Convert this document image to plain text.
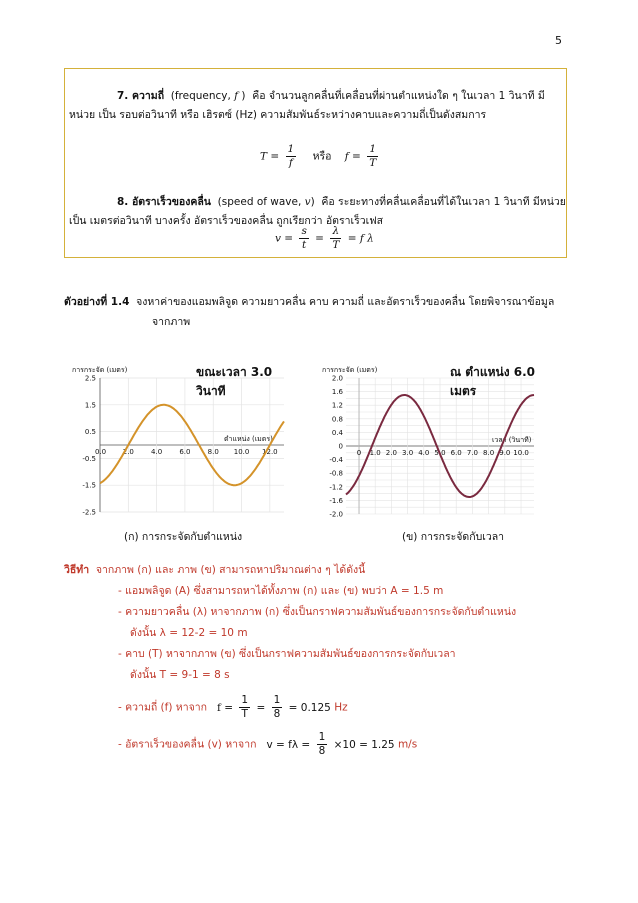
5
7. ความถี่ (frequency, f ) คือ จำนวนลูกคลื่นที่เคลื่อนที่ผ่านตำแหน่งใด ๆ ในเวลา 1 วินาที มี
หน่วย เป็น รอบต่อวินาที หรือ เฮิรตซ์ (Hz) ความสัมพันธ์ระหว่างคาบและความถี่เป็นดังสมการ
$T = \frac{1}{f}$ หรือ $f = \frac{1}{T}$
8. อัตราเร็วของคลื่น (speed of wave, v) คือ ระยะทางที่คลื่นเคลื่อนที่ได้ในเวลา 1 วินาที มีหน่วย
เป็น เมตรต่อวินาที บางครั้ง อัตราเร็วของคลื่น ถูกเรียกว่า อัตราเร็วเฟส
$v = \frac{s}{t} = \frac{\lambda}{T} = f$ λ
ตัวอย่างที่ 1.4 จงหาค่าของแอมพลิจูด ความยาวคลื่น คาบ ความถี่ และอัตราเร็วของคลื่น โดยพิจารณาข้อมูล
จากภาพ
การกระจัด (เมตร)
2.5
1.5
0.5
-0.5
-1.5
-2.5
0.0 2.0 4.0 6.0 8.0 10.0 12.0
ตำแหน่ง (เมตร)
ขณะเวลา 3.0 วินาที
(ก) การกระจัดกับตำแหน่ง
การกระจัด (เมตร)
2.0
1.6
1.2
0.8
0.4
0
-0.4
-0.8
-1.2
-1.6
-2.0
0 1.0 2.0 3.0 4.0 5.0 6.0 7.0 8.0 9.0 10.0
เวลา (วินาที)
ณ ตำแหน่ง 6.0 เมตร
(ข) การกระจัดกับเวลา
วิธีทำ จากภาพ (ก) และ ภาพ (ข) สามารถหาปริมาณต่าง ๆ ได้ดังนี้
- แอมพลิจูด (A) ซึ่งสามารถหาได้ทั้งภาพ (ก) และ (ข) พบว่า A = 1.5 m
- ความยาวคลื่น (λ) หาจากภาพ (ก) ซึ่งเป็นกราฟความสัมพันธ์ของการกระจัดกับตำแหน่ง
ดังนั้น λ = 12-2 = 10 m
- คาบ (T) หาจากภาพ (ข) ซึ่งเป็นกราฟความสัมพันธ์ของการกระจัดกับเวลา
ดังนั้น T = 9-1 = 8 s
- ความถี่ (f) หาจาก $f = \frac{1}{T} = \frac{1}{8} = 0.125$ Hz
- อัตราเร็วของคลื่น (v) หาจาก $v = f\lambda = \frac{1}{8} \times 10 = 1.25$ m/s
